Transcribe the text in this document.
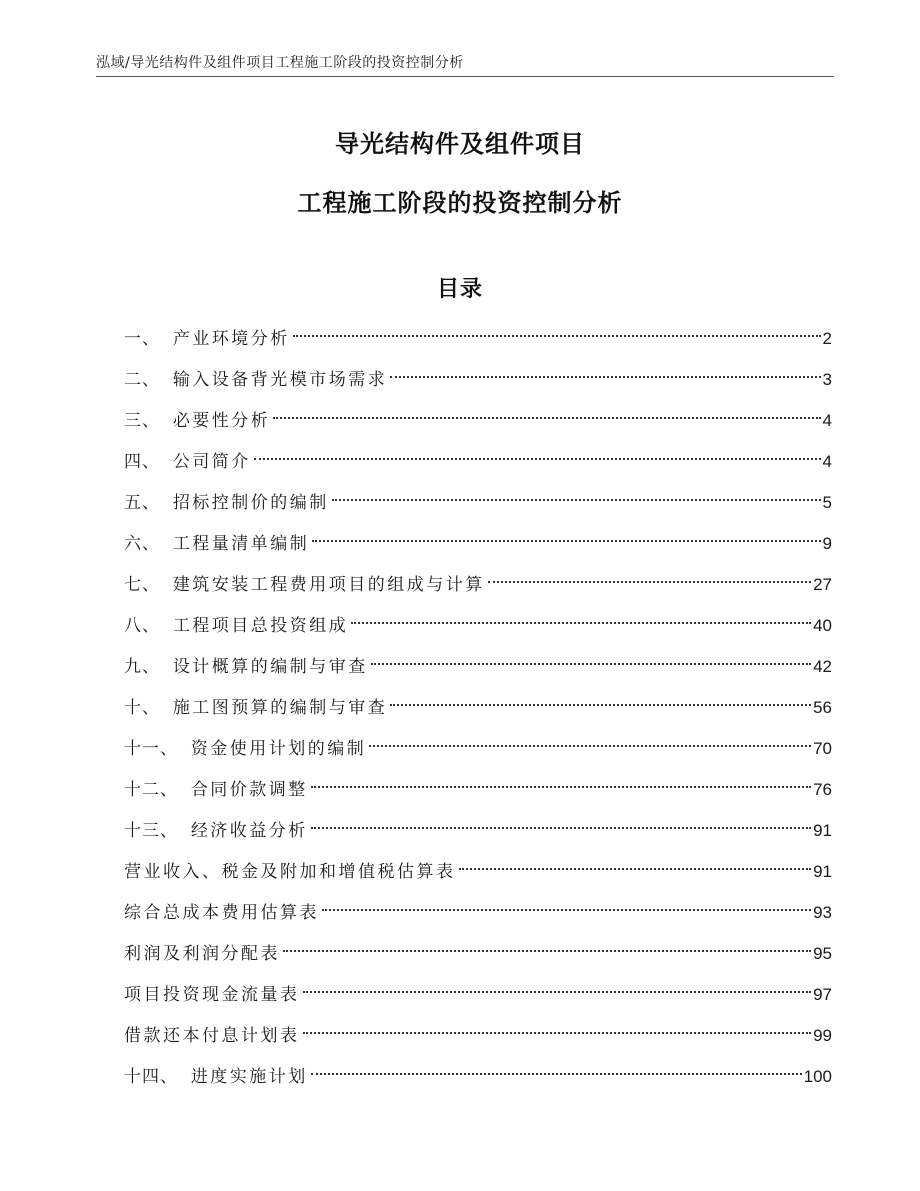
泓域/导光结构件及组件项目工程施工阶段的投资控制分析
导光结构件及组件项目
工程施工阶段的投资控制分析
目录
一、 产业环境分析	2
二、 输入设备背光模市场需求	3
三、 必要性分析	4
四、 公司简介	4
五、 招标控制价的编制	5
六、 工程量清单编制	9
七、 建筑安装工程费用项目的组成与计算	27
八、 工程项目总投资组成	40
九、 设计概算的编制与审查	42
十、 施工图预算的编制与审查	56
十一、 资金使用计划的编制	70
十二、 合同价款调整	76
十三、 经济收益分析	91
营业收入、税金及附加和增值税估算表	91
综合总成本费用估算表	93
利润及利润分配表	95
项目投资现金流量表	97
借款还本付息计划表	99
十四、 进度实施计划	100
